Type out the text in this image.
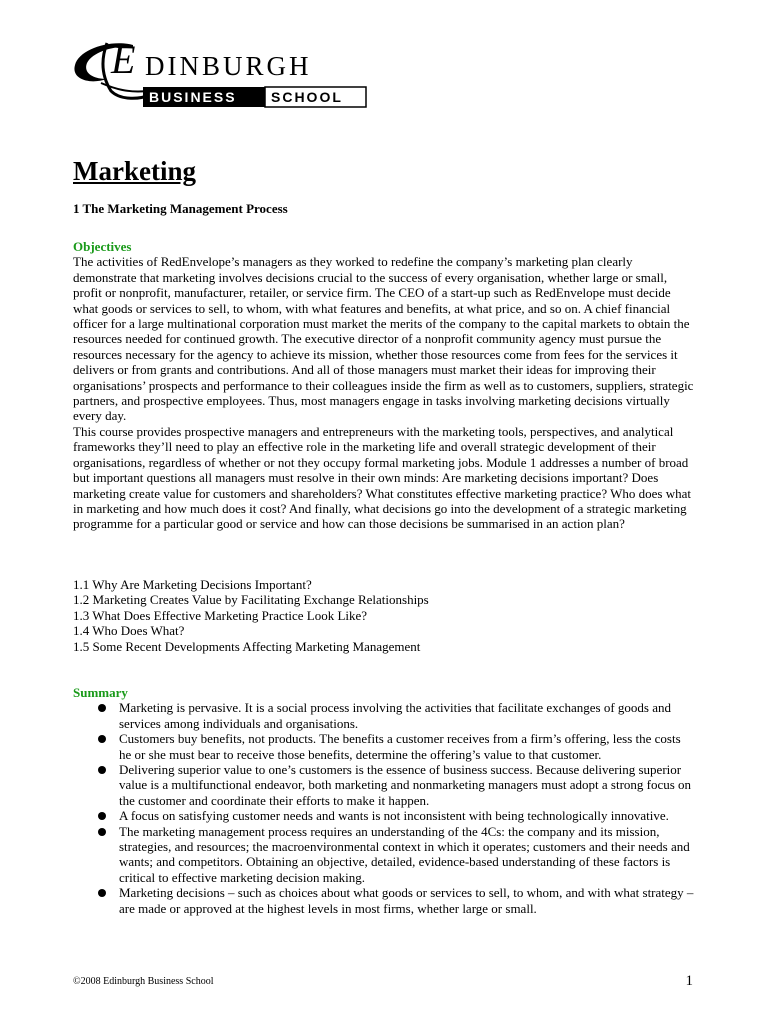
E DINBURGH
BUSINESS SCHOOL
Marketing

1 The Marketing Management Process

Objectives

The activities of RedEnvelope’s managers as they worked to redefine the company’s marketing plan clearly demonstrate that marketing involves decisions crucial to the success of every organisation, whether large or small, profit or nonprofit, manufacturer, retailer, or service firm. The CEO of a start-up such as RedEnvelope must decide what goods or services to sell, to whom, with what features and benefits, at what price, and so on. A chief financial officer for a large multinational corporation must market the merits of the company to the capital markets to obtain the resources needed for continued growth. The executive director of a nonprofit community agency must pursue the resources necessary for the agency to achieve its mission, whether those resources come from fees for the services it delivers or from grants and contributions. And all of those managers must market their ideas for improving their organisations’ prospects and performance to their colleagues inside the firm as well as to customers, suppliers, strategic partners, and prospective employees. Thus, most managers engage in tasks involving marketing decisions virtually every day.

This course provides prospective managers and entrepreneurs with the marketing tools, perspectives, and analytical frameworks they’ll need to play an effective role in the marketing life and overall strategic development of their organisations, regardless of whether or not they occupy formal marketing jobs. Module 1 addresses a number of broad but important questions all managers must resolve in their own minds: Are marketing decisions important? Does marketing create value for customers and shareholders? What constitutes effective marketing practice? Who does what in marketing and how much does it cost? And finally, what decisions go into the development of a strategic marketing programme for a particular good or service and how can those decisions be summarised in an action plan?

1.1 Why Are Marketing Decisions Important?
1.2 Marketing Creates Value by Facilitating Exchange Relationships
1.3 What Does Effective Marketing Practice Look Like?
1.4 Who Does What?
1.5 Some Recent Developments Affecting Marketing Management

Summary

Marketing is pervasive. It is a social process involving the activities that facilitate exchanges of goods and services among individuals and organisations.
Customers buy benefits, not products. The benefits a customer receives from a firm’s offering, less the costs he or she must bear to receive those benefits, determine the offering’s value to that customer.
Delivering superior value to one’s customers is the essence of business success. Because delivering superior value is a multifunctional endeavor, both marketing and nonmarketing managers must adopt a strong focus on the customer and coordinate their efforts to make it happen.
A focus on satisfying customer needs and wants is not inconsistent with being technologically innovative.
The marketing management process requires an understanding of the 4Cs: the company and its mission, strategies, and resources; the macroenvironmental context in which it operates; customers and their needs and wants; and competitors. Obtaining an objective, detailed, evidence-based understanding of these factors is critical to effective marketing decision making.
Marketing decisions – such as choices about what goods or services to sell, to whom, and with what strategy – are made or approved at the highest levels in most firms, whether large or small.
©2008 Edinburgh Business School	1
